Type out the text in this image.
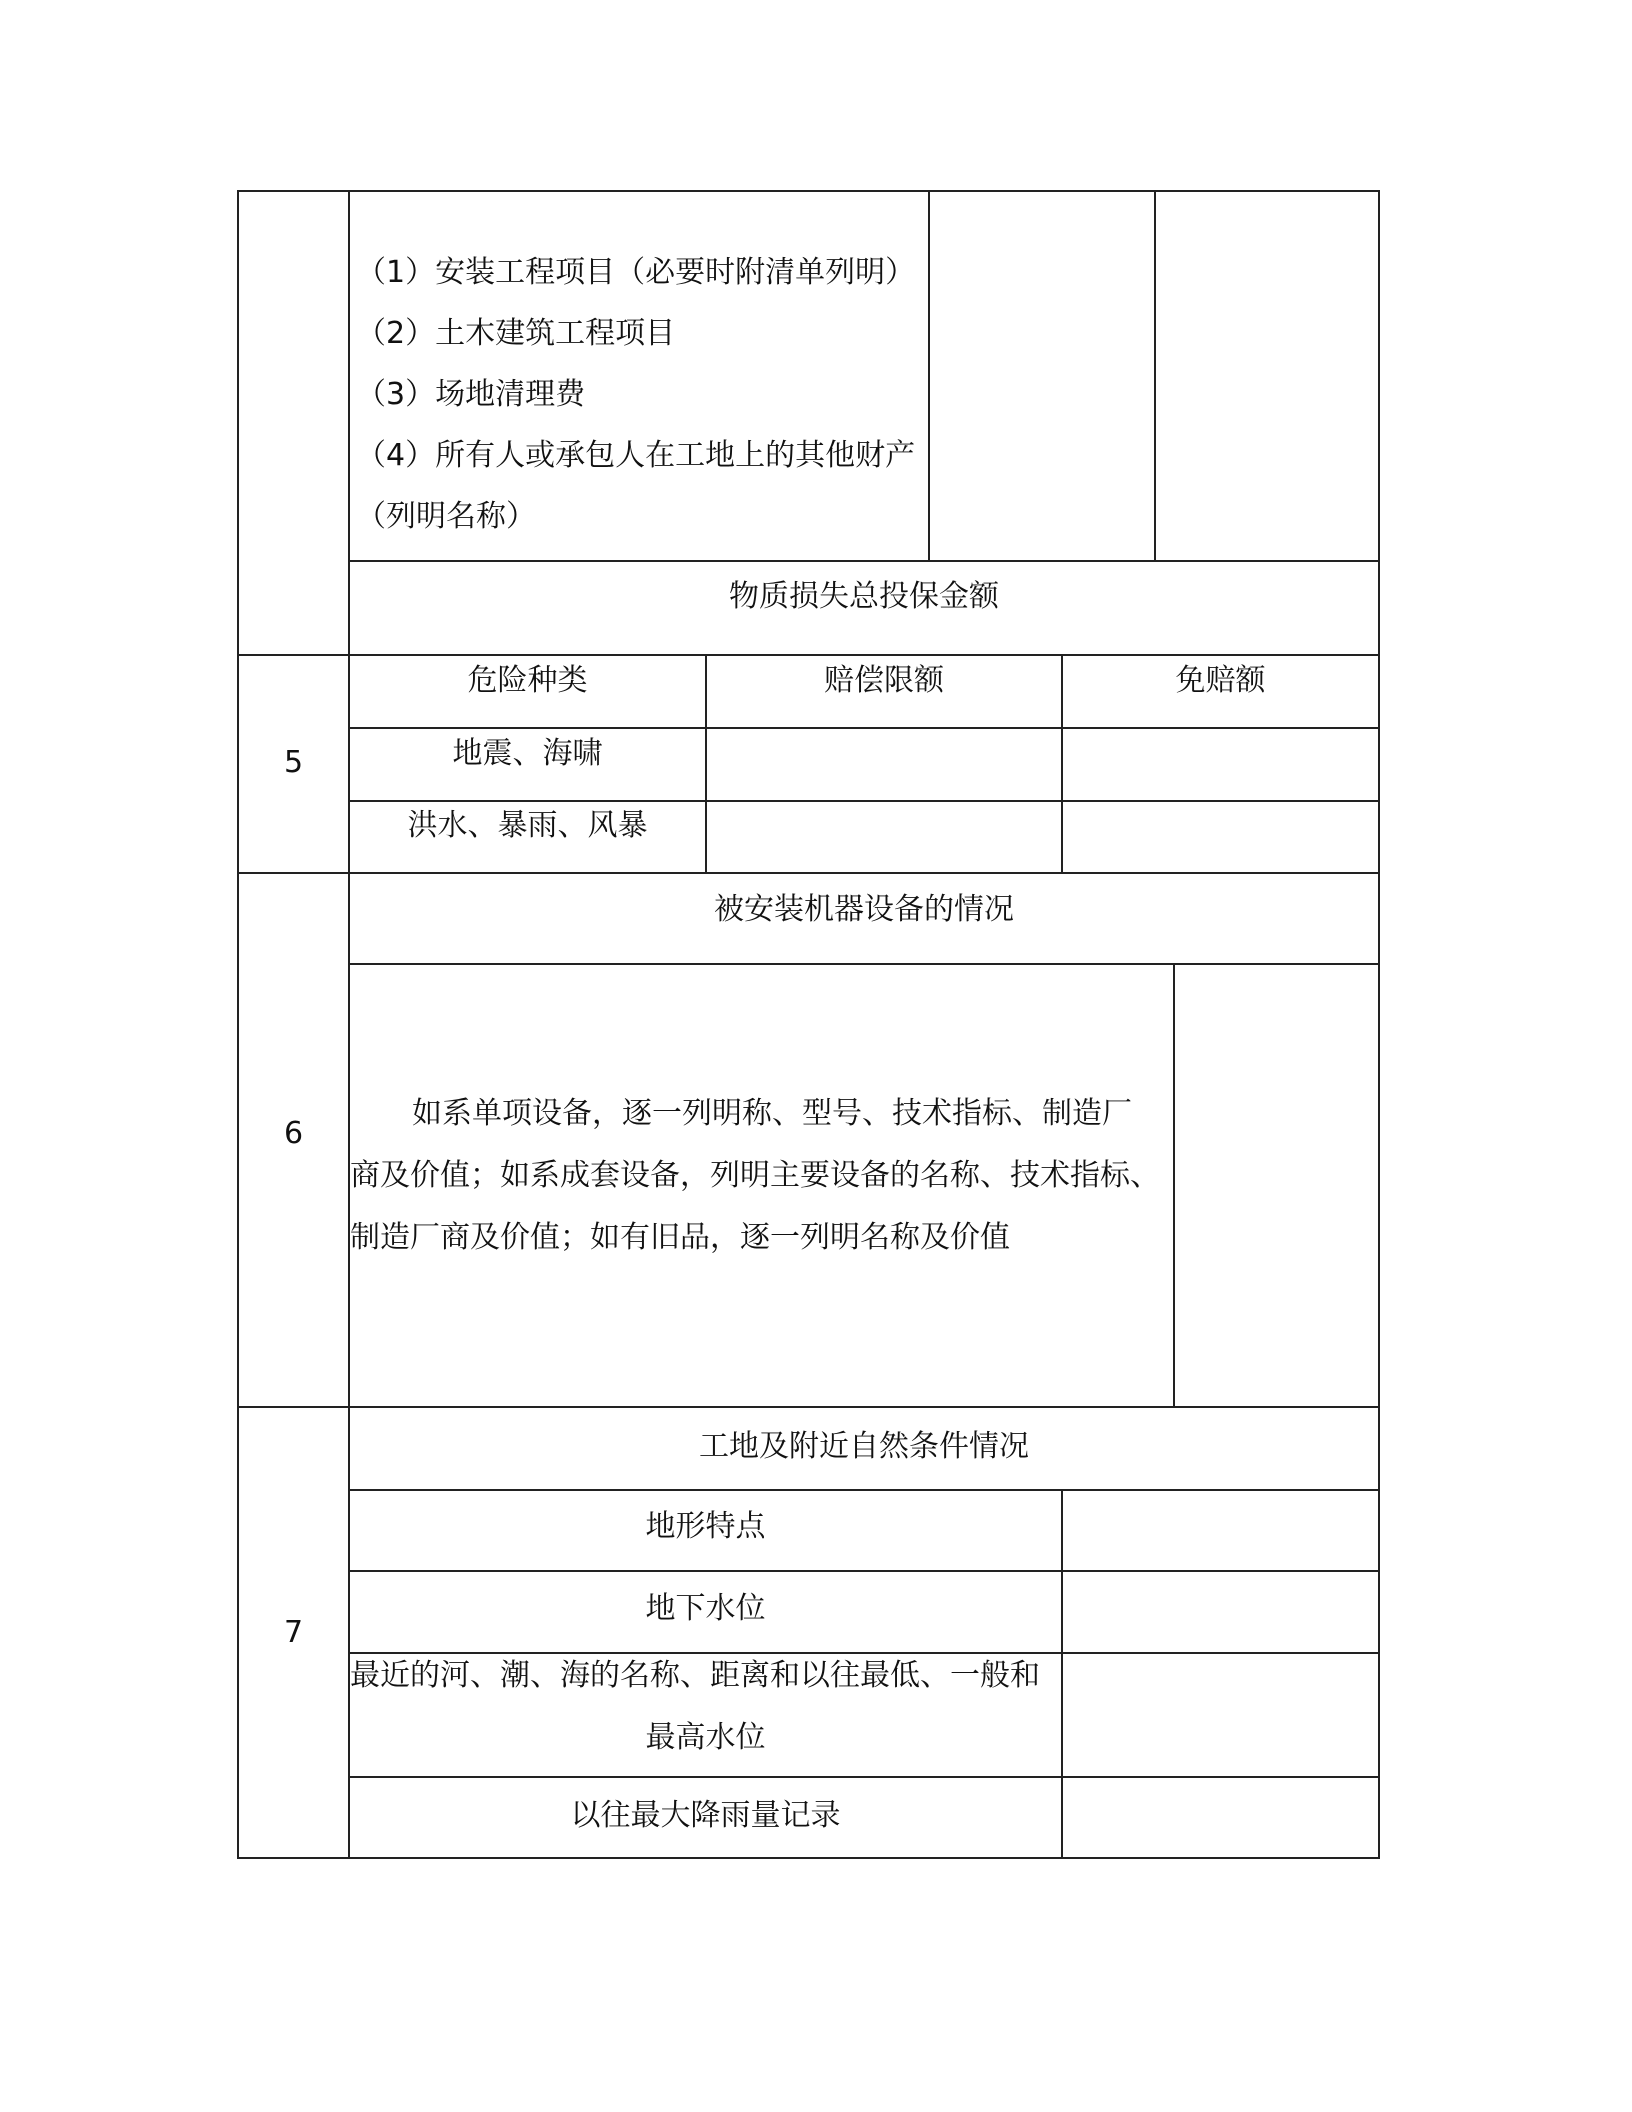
（1）安装工程项目（必要时附清单列明）
（2）土木建筑工程项目
（3）场地清理费
（4）所有人或承包人在工地上的其他财产
（列明名称）
物质损失总投保金额
5
危险种类	赔偿限额	免赔额
地震、海啸
洪水、暴雨、风暴
6
被安装机器设备的情况
如系单项设备，逐一列明称、型号、技术指标、制造厂
商及价值；如系成套设备，列明主要设备的名称、技术指标、
制造厂商及价值；如有旧品，逐一列明名称及价值
7
工地及附近自然条件情况
地形特点
地下水位
最近的河、潮、海的名称、距离和以往最低、一般和
最高水位
以往最大降雨量记录
